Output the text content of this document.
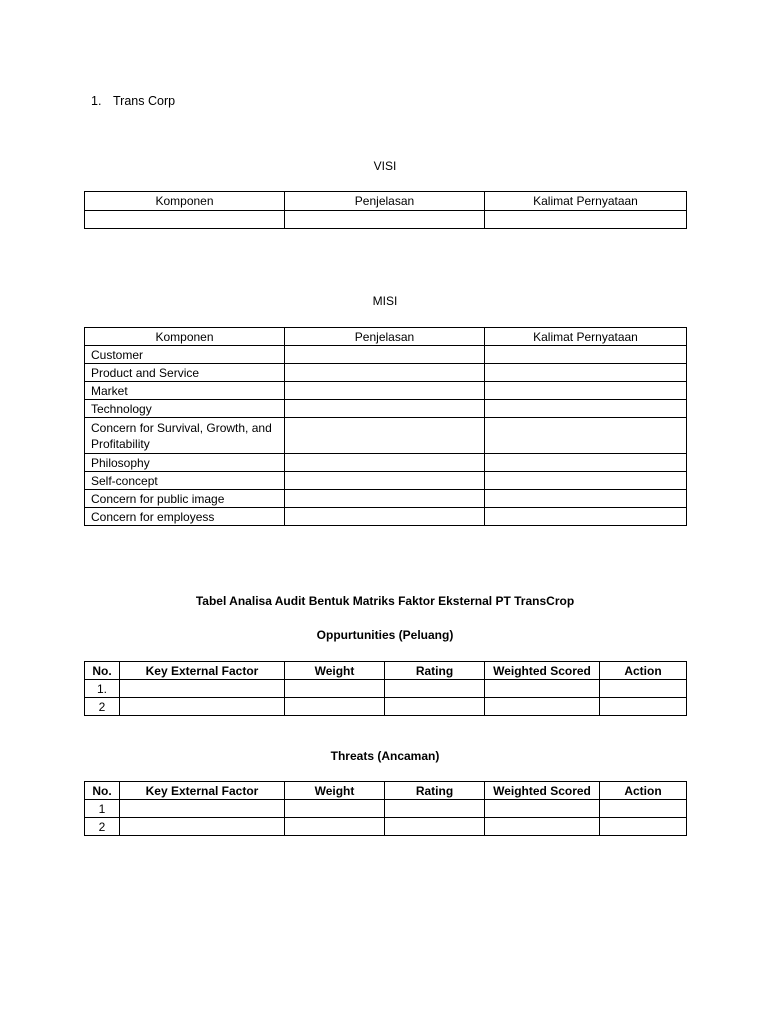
1. Trans Corp
VISI
Komponen	Penjelasan	Kalimat Pernyataan

MISI
Komponen	Penjelasan	Kalimat Pernyataan
Customer		
Product and Service		
Market		
Technology		
Concern for Survival, Growth, and Profitability		
Philosophy		
Self-concept		
Concern for public image		
Concern for employess		
Tabel Analisa Audit Bentuk Matriks Faktor Eksternal PT TransCrop
Oppurtunities (Peluang)
No.	Key External Factor	Weight	Rating	Weighted Scored	Action
1.					
2					
Threats (Ancaman)
No.	Key External Factor	Weight	Rating	Weighted Scored	Action
1					
2					
